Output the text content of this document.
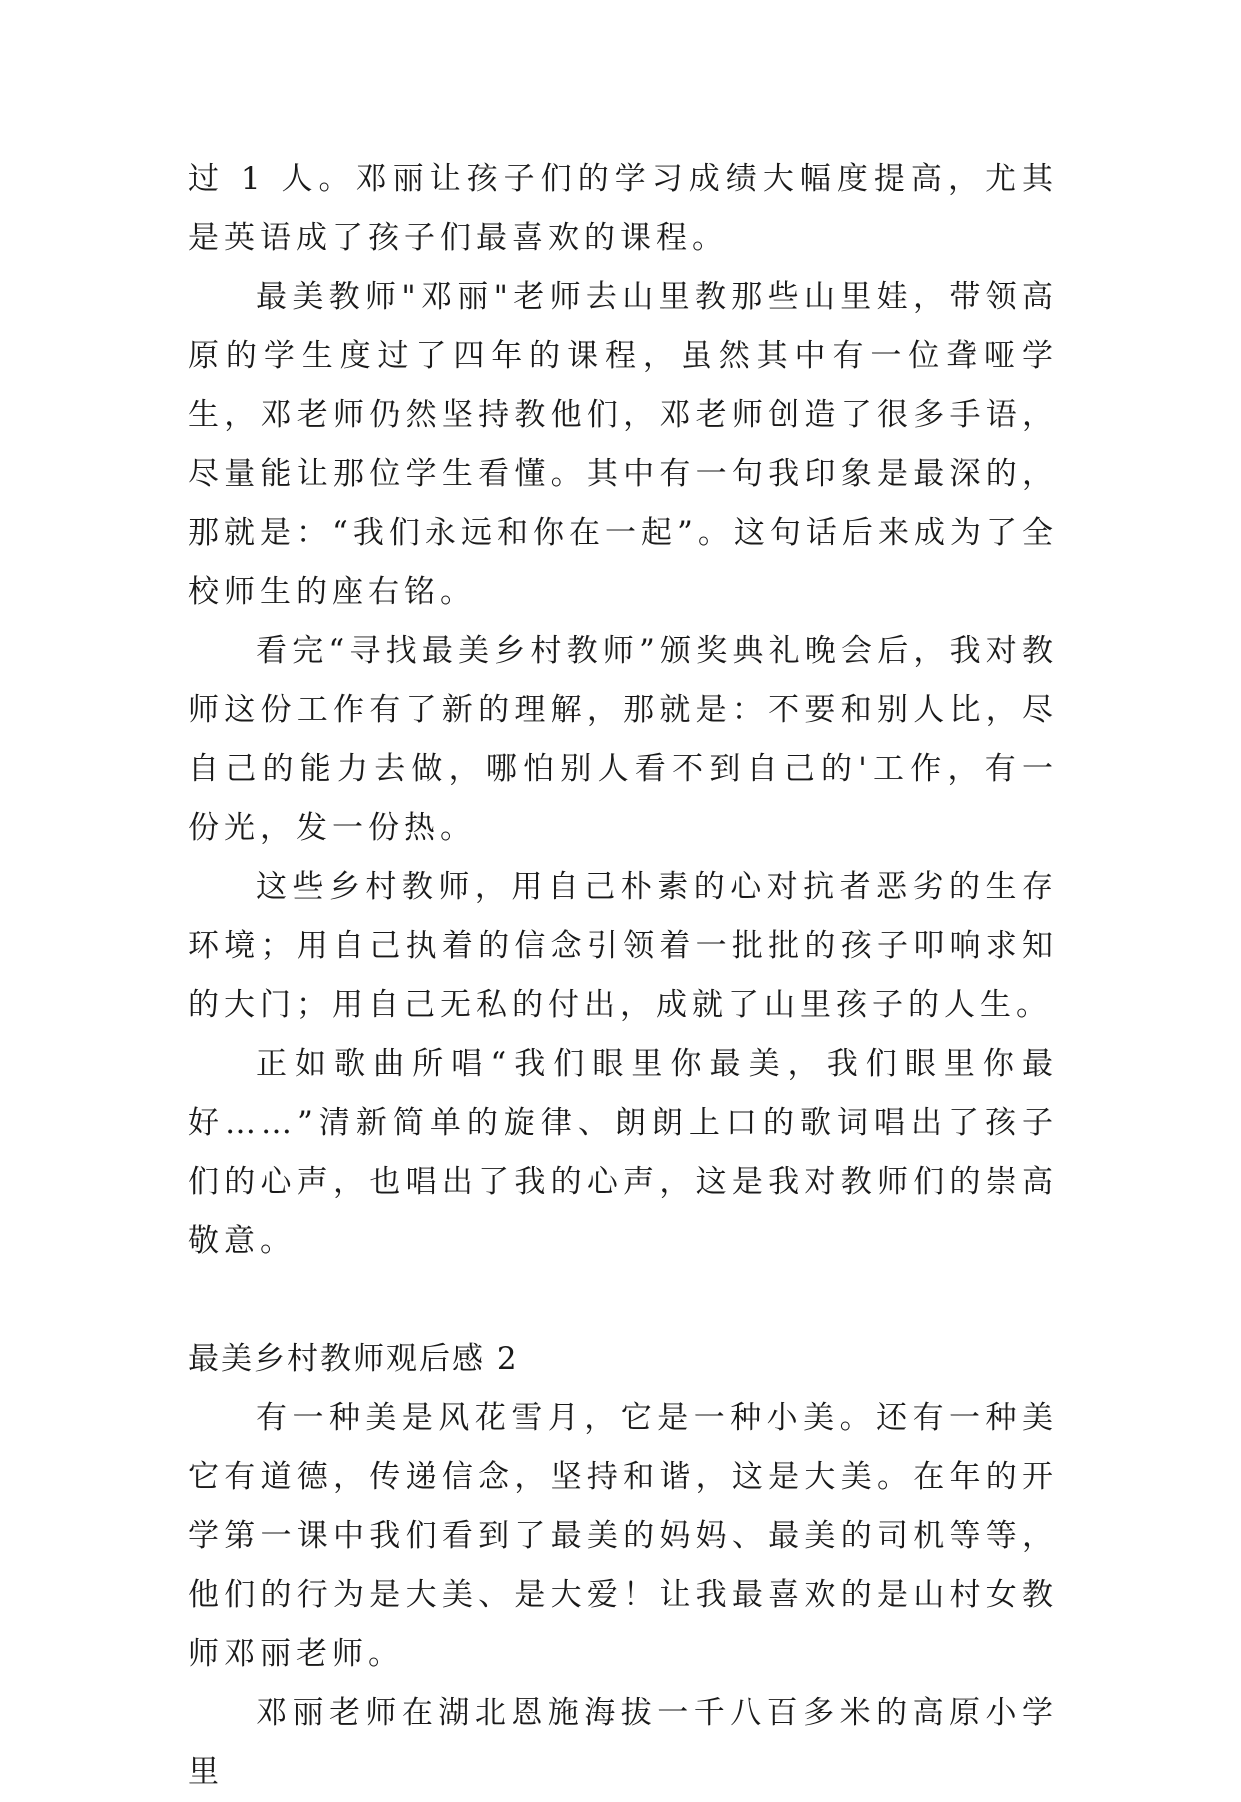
过 1 人。邓丽让孩子们的学习成绩大幅度提高，尤其是英语成了孩子们最喜欢的课程。

最美教师"邓丽"老师去山里教那些山里娃，带领高原的学生度过了四年的课程，虽然其中有一位聋哑学生，邓老师仍然坚持教他们，邓老师创造了很多手语，尽量能让那位学生看懂。其中有一句我印象是最深的，那就是：“我们永远和你在一起”。这句话后来成为了全校师生的座右铭。

看完“寻找最美乡村教师”颁奖典礼晚会后，我对教师这份工作有了新的理解，那就是：不要和别人比，尽自己的能力去做，哪怕别人看不到自己的'工作，有一份光，发一份热。

这些乡村教师，用自己朴素的心对抗者恶劣的生存环境；用自己执着的信念引领着一批批的孩子叩响求知的大门；用自己无私的付出，成就了山里孩子的人生。

正如歌曲所唱“我们眼里你最美，我们眼里你最好……”清新简单的旋律、朗朗上口的歌词唱出了孩子们的心声，也唱出了我的心声，这是我对教师们的崇高敬意。

最美乡村教师观后感 2

有一种美是风花雪月，它是一种小美。还有一种美它有道德，传递信念，坚持和谐，这是大美。在年的开学第一课中我们看到了最美的妈妈、最美的司机等等，他们的行为是大美、是大爱！让我最喜欢的是山村女教师邓丽老师。

邓丽老师在湖北恩施海拔一千八百多米的高原小学里
